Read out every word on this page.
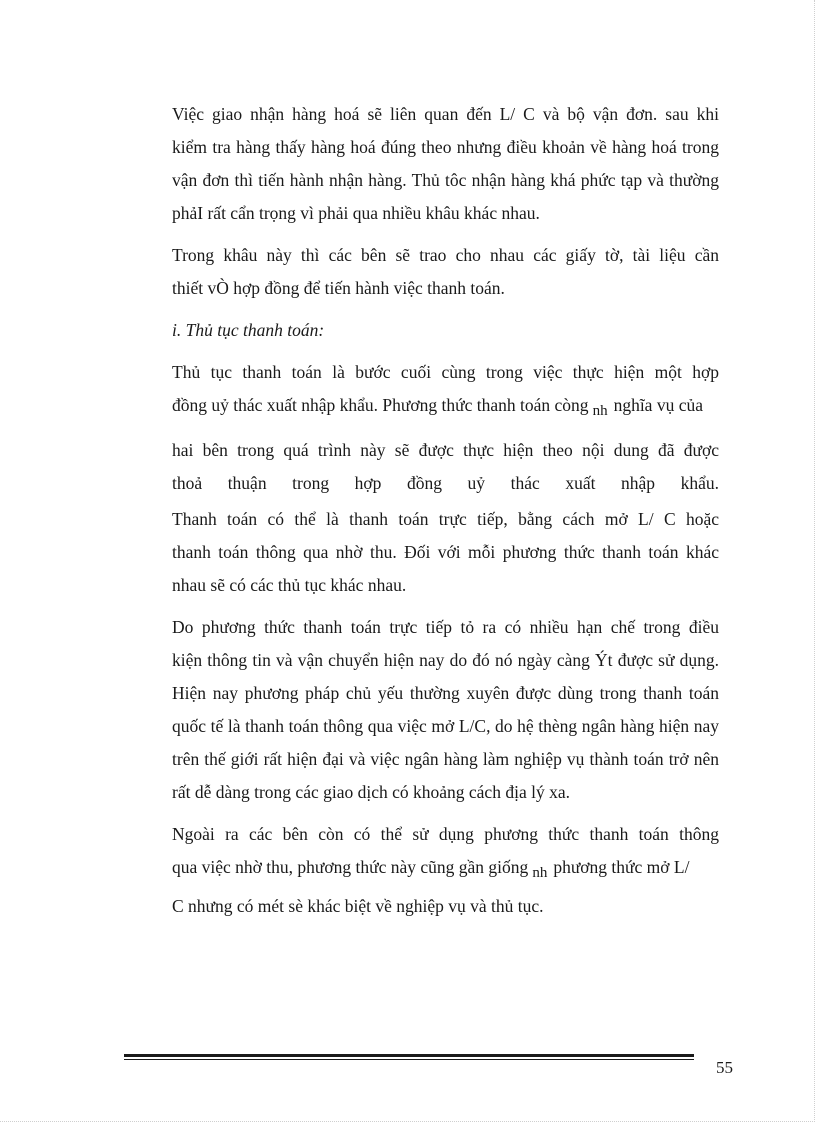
Việc giao nhận hàng hoá sẽ liên quan đến L/ C và bộ vận đơn. sau khi
kiểm tra hàng thấy hàng hoá đúng theo nhưng điều khoản về hàng hoá trong
vận đơn thì tiến hành nhận hàng. Thủ tôc nhận hàng khá phức tạp và thường
phảI rất cẩn trọng vì phải qua nhiều khâu khác nhau.
Trong khâu này thì các bên sẽ trao cho nhau các giấy tờ, tài liệu cần
thiết vÒ hợp đồng để tiến hành việc thanh toán.
i. Thủ tục thanh toán:
Thủ tục thanh toán là bước cuối cùng trong việc thực hiện một hợp
đồng uỷ thác xuất nhập khẩu. Phương thức thanh toán còng nh nghĩa vụ của
hai bên trong quá trình này sẽ được thực hiện theo nội dung đã được
thoả thuận trong hợp đồng uỷ thác xuất nhập khẩu.
Thanh toán có thể là thanh toán trực tiếp, bằng cách mở L/ C hoặc
thanh toán thông qua nhờ thu. Đối với mỗi phương thức thanh toán khác
nhau sẽ có các thủ tục khác nhau.
Do phương thức thanh toán trực tiếp tỏ ra có nhiều hạn chế trong điều
kiện thông tin và vận chuyển hiện nay do đó nó ngày càng Ýt được sử dụng.
Hiện nay phương pháp chủ yếu thường xuyên được dùng trong thanh toán
quốc tế là thanh toán thông qua việc mở L/C, do hệ thèng ngân hàng hiện nay
trên thế giới rất hiện đại và việc ngân hàng làm nghiệp vụ thành toán trở nên
rất dễ dàng trong các giao dịch có khoảng cách địa lý xa.
Ngoài ra các bên còn có thể sử dụng phương thức thanh toán thông
qua việc nhờ thu, phương thức này cũng gần giống nh phương thức mở L/
C nhưng có mét sè khác biệt về nghiệp vụ và thủ tục.
55
